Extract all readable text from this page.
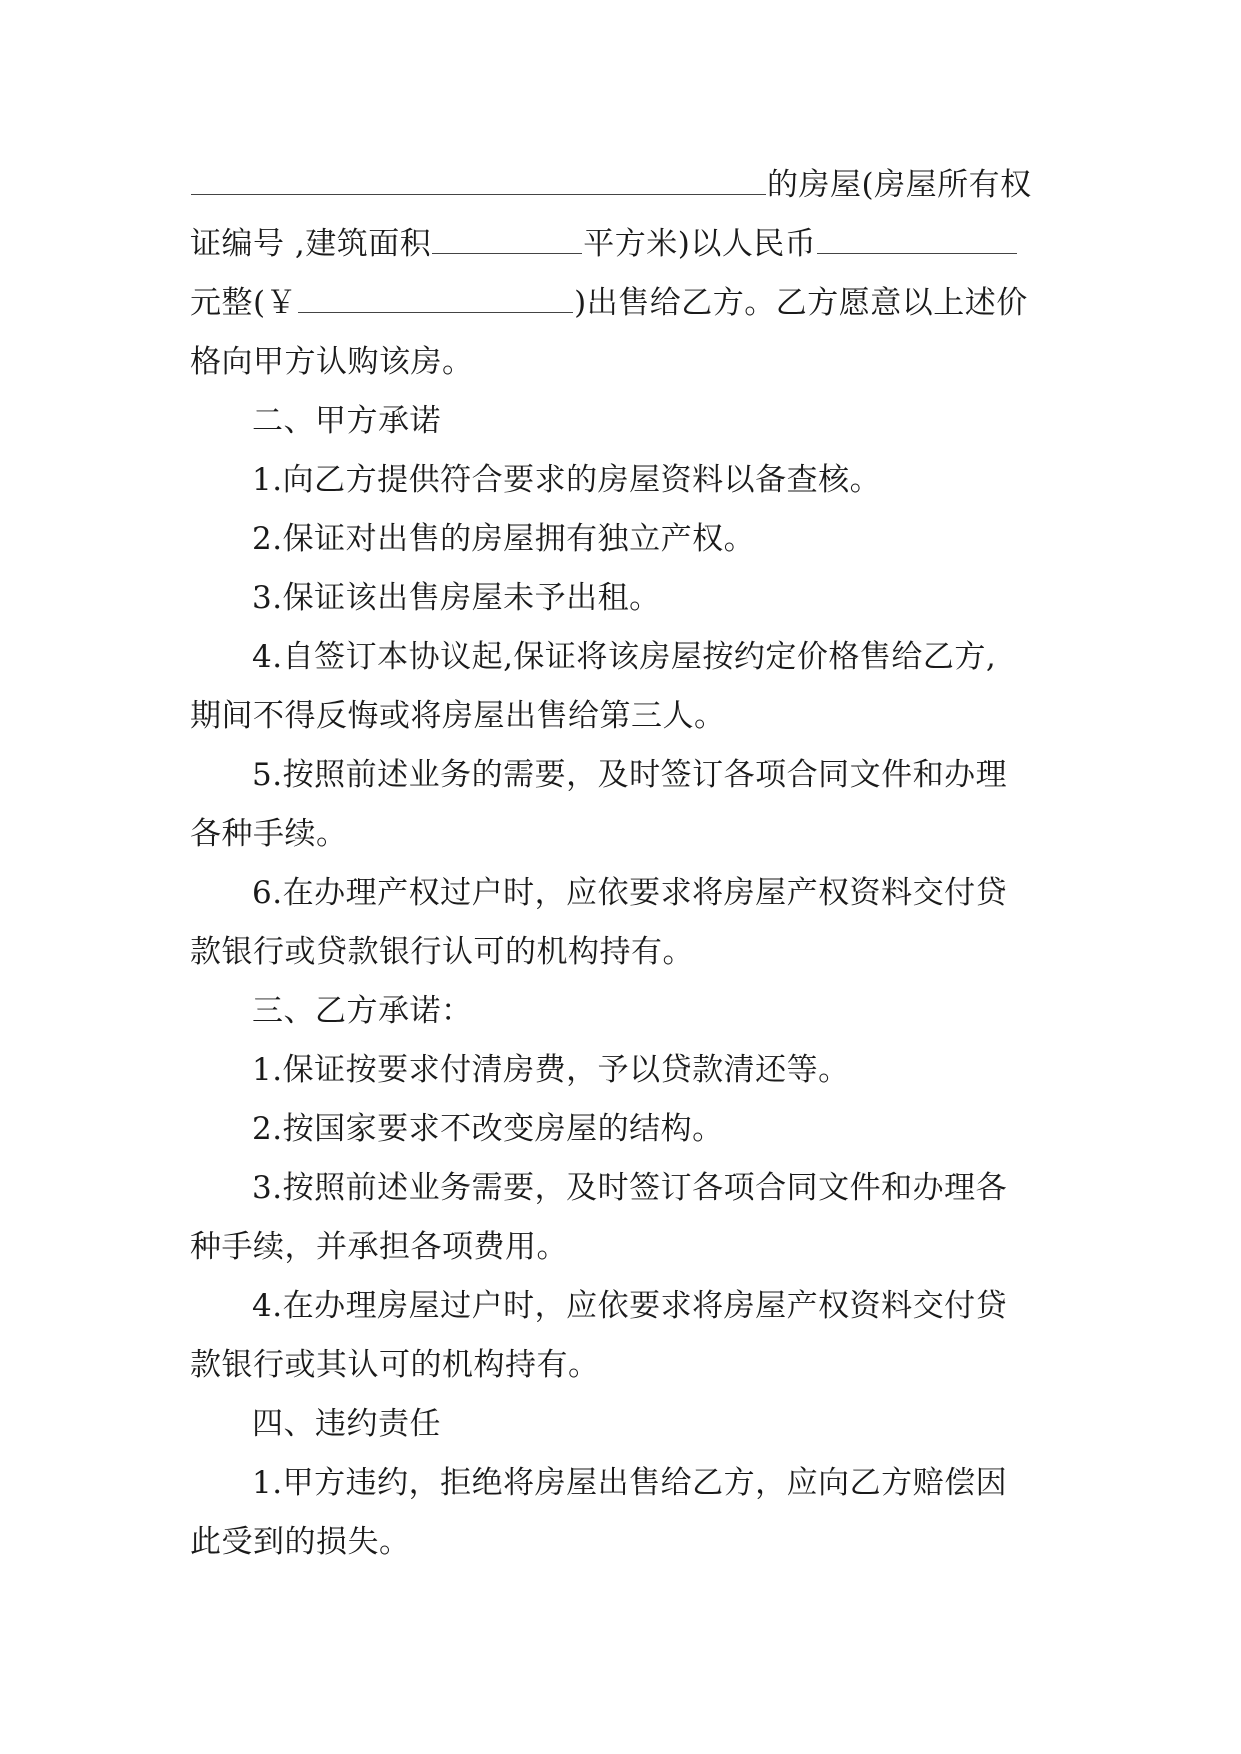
的房屋(房屋所有权
证编号 ,建筑面积	平方米)以人民币
元整(￥	)出售给乙方。乙方愿意以上述价
格向甲方认购该房。
二、甲方承诺
1.向乙方提供符合要求的房屋资料以备查核。
2.保证对出售的房屋拥有独立产权。
3.保证该出售房屋未予出租。
4.自签订本协议起,保证将该房屋按约定价格售给乙方,
期间不得反悔或将房屋出售给第三人。
5.按照前述业务的需要，及时签订各项合同文件和办理
各种手续。
6.在办理产权过户时，应依要求将房屋产权资料交付贷
款银行或贷款银行认可的机构持有。
三、乙方承诺：
1.保证按要求付清房费，予以贷款清还等。
2.按国家要求不改变房屋的结构。
3.按照前述业务需要，及时签订各项合同文件和办理各
种手续，并承担各项费用。
4.在办理房屋过户时，应依要求将房屋产权资料交付贷
款银行或其认可的机构持有。
四、违约责任
1.甲方违约，拒绝将房屋出售给乙方，应向乙方赔偿因
此受到的损失。
